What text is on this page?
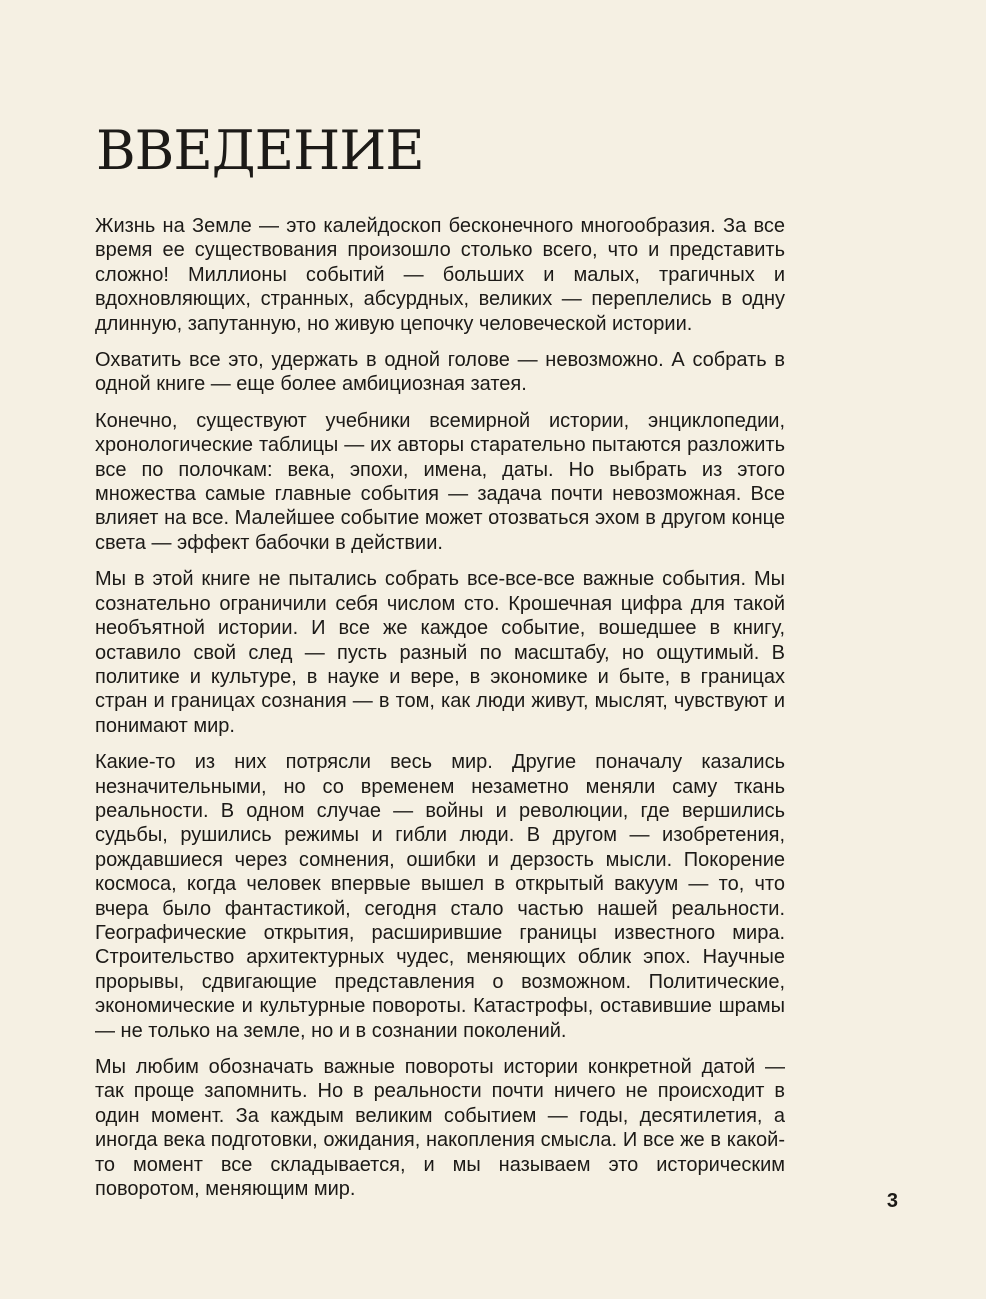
ВВЕДЕНИЕ

Жизнь на Земле — это калейдоскоп бесконечного многообразия. За все время ее существования произошло столько всего, что и представить сложно! Миллионы событий — больших и малых, трагичных и вдохновляющих, странных, абсурдных, великих — переплелись в одну длинную, запутанную, но живую цепочку человеческой истории.

Охватить все это, удержать в одной голове — невозможно. А собрать в одной книге — еще более амбициозная затея.

Конечно, существуют учебники всемирной истории, энциклопедии, хронологические таблицы — их авторы старательно пытаются разложить все по полочкам: века, эпохи, имена, даты. Но выбрать из этого множества самые главные события — задача почти невозможная. Все влияет на все. Малейшее событие может отозваться эхом в другом конце света — эффект бабочки в действии.

Мы в этой книге не пытались собрать все-все-все важные события. Мы сознательно ограничили себя числом сто. Крошечная цифра для такой необъятной истории. И все же каждое событие, вошедшее в книгу, оставило свой след — пусть разный по масштабу, но ощутимый. В политике и культуре, в науке и вере, в экономике и быте, в границах стран и границах сознания — в том, как люди живут, мыслят, чувствуют и понимают мир.

Какие-то из них потрясли весь мир. Другие поначалу казались незначительными, но со временем незаметно меняли саму ткань реальности. В одном случае — войны и революции, где вершились судьбы, рушились режимы и гибли люди. В другом — изобретения, рождавшиеся через сомнения, ошибки и дерзость мысли. Покорение космоса, когда человек впервые вышел в открытый вакуум — то, что вчера было фантастикой, сегодня стало частью нашей реальности. Географические открытия, расширившие границы известного мира. Строительство архитектурных чудес, меняющих облик эпох. Научные прорывы, сдвигающие представления о возможном. Политические, экономические и культурные повороты. Катастрофы, оставившие шрамы — не только на земле, но и в сознании поколений.

Мы любим обозначать важные повороты истории конкретной датой — так проще запомнить. Но в реальности почти ничего не происходит в один момент. За каждым великим событием — годы, десятилетия, а иногда века подготовки, ожидания, накопления смысла. И все же в какой-то момент все складывается, и мы называем это историческим поворотом, меняющим мир.

3
